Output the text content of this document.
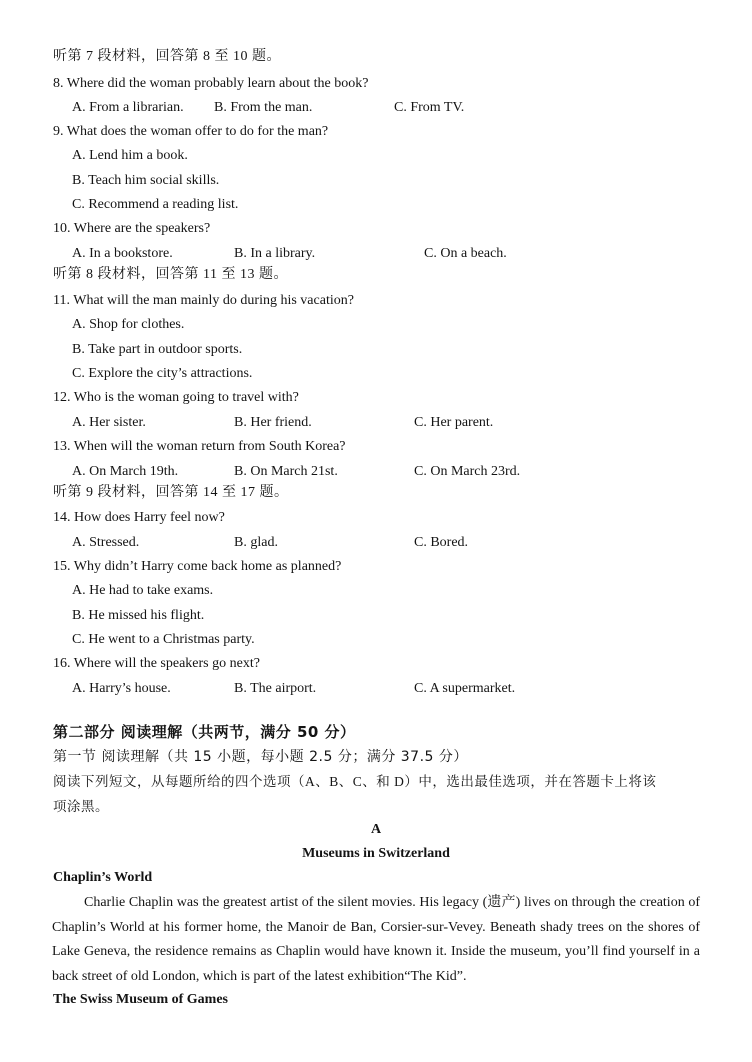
听第 7 段材料，回答第 8 至 10 题。
8. Where did the woman probably learn about the book?
A. From a librarian. B. From the man.	C. From TV.
9. What does the woman offer to do for the man?
A. Lend him a book.
B. Teach him social skills.
C. Recommend a reading list.
10. Where are the speakers?
A. In a bookstore.	B. In a library.	C. On a beach.
听第 8 段材料，回答第 11 至 13 题。
11. What will the man mainly do during his vacation?
A. Shop for clothes.
B. Take part in outdoor sports.
C. Explore the city’s attractions.
12. Who is the woman going to travel with?
A. Her sister.	B. Her friend.	C. Her parent.
13. When will the woman return from South Korea?
A. On March 19th.	B. On March 21st.	C. On March 23rd.
听第 9 段材料，回答第 14 至 17 题。
14. How does Harry feel now?
A. Stressed.	B. glad.	C. Bored.
15. Why didn’t Harry come back home as planned?
A. He had to take exams.
B. He missed his flight.
C. He went to a Christmas party.
16. Where will the speakers go next?
A. Harry’s house.	B. The airport.	C. A supermarket.
第二部分 阅读理解（共两节，满分 50 分）
第一节 阅读理解（共 15 小题，每小题 2.5 分；满分 37.5 分）
阅读下列短文，从每题所给的四个选项（A、B、C、和 D）中，选出最佳选项，并在答题卡上将该
项涂黑。
A
Museums in Switzerland
Chaplin’s World
Charlie Chaplin was the greatest artist of the silent movies. His legacy (遗产) lives on through the creation of Chaplin’s World at his former home, the Manoir de Ban, Corsier-sur-Vevey. Beneath shady trees on the shores of Lake Geneva, the residence remains as Chaplin would have known it. Inside the museum, you’ll find yourself in a back street of old London, which is part of the latest exhibition“The Kid”.
The Swiss Museum of Games
